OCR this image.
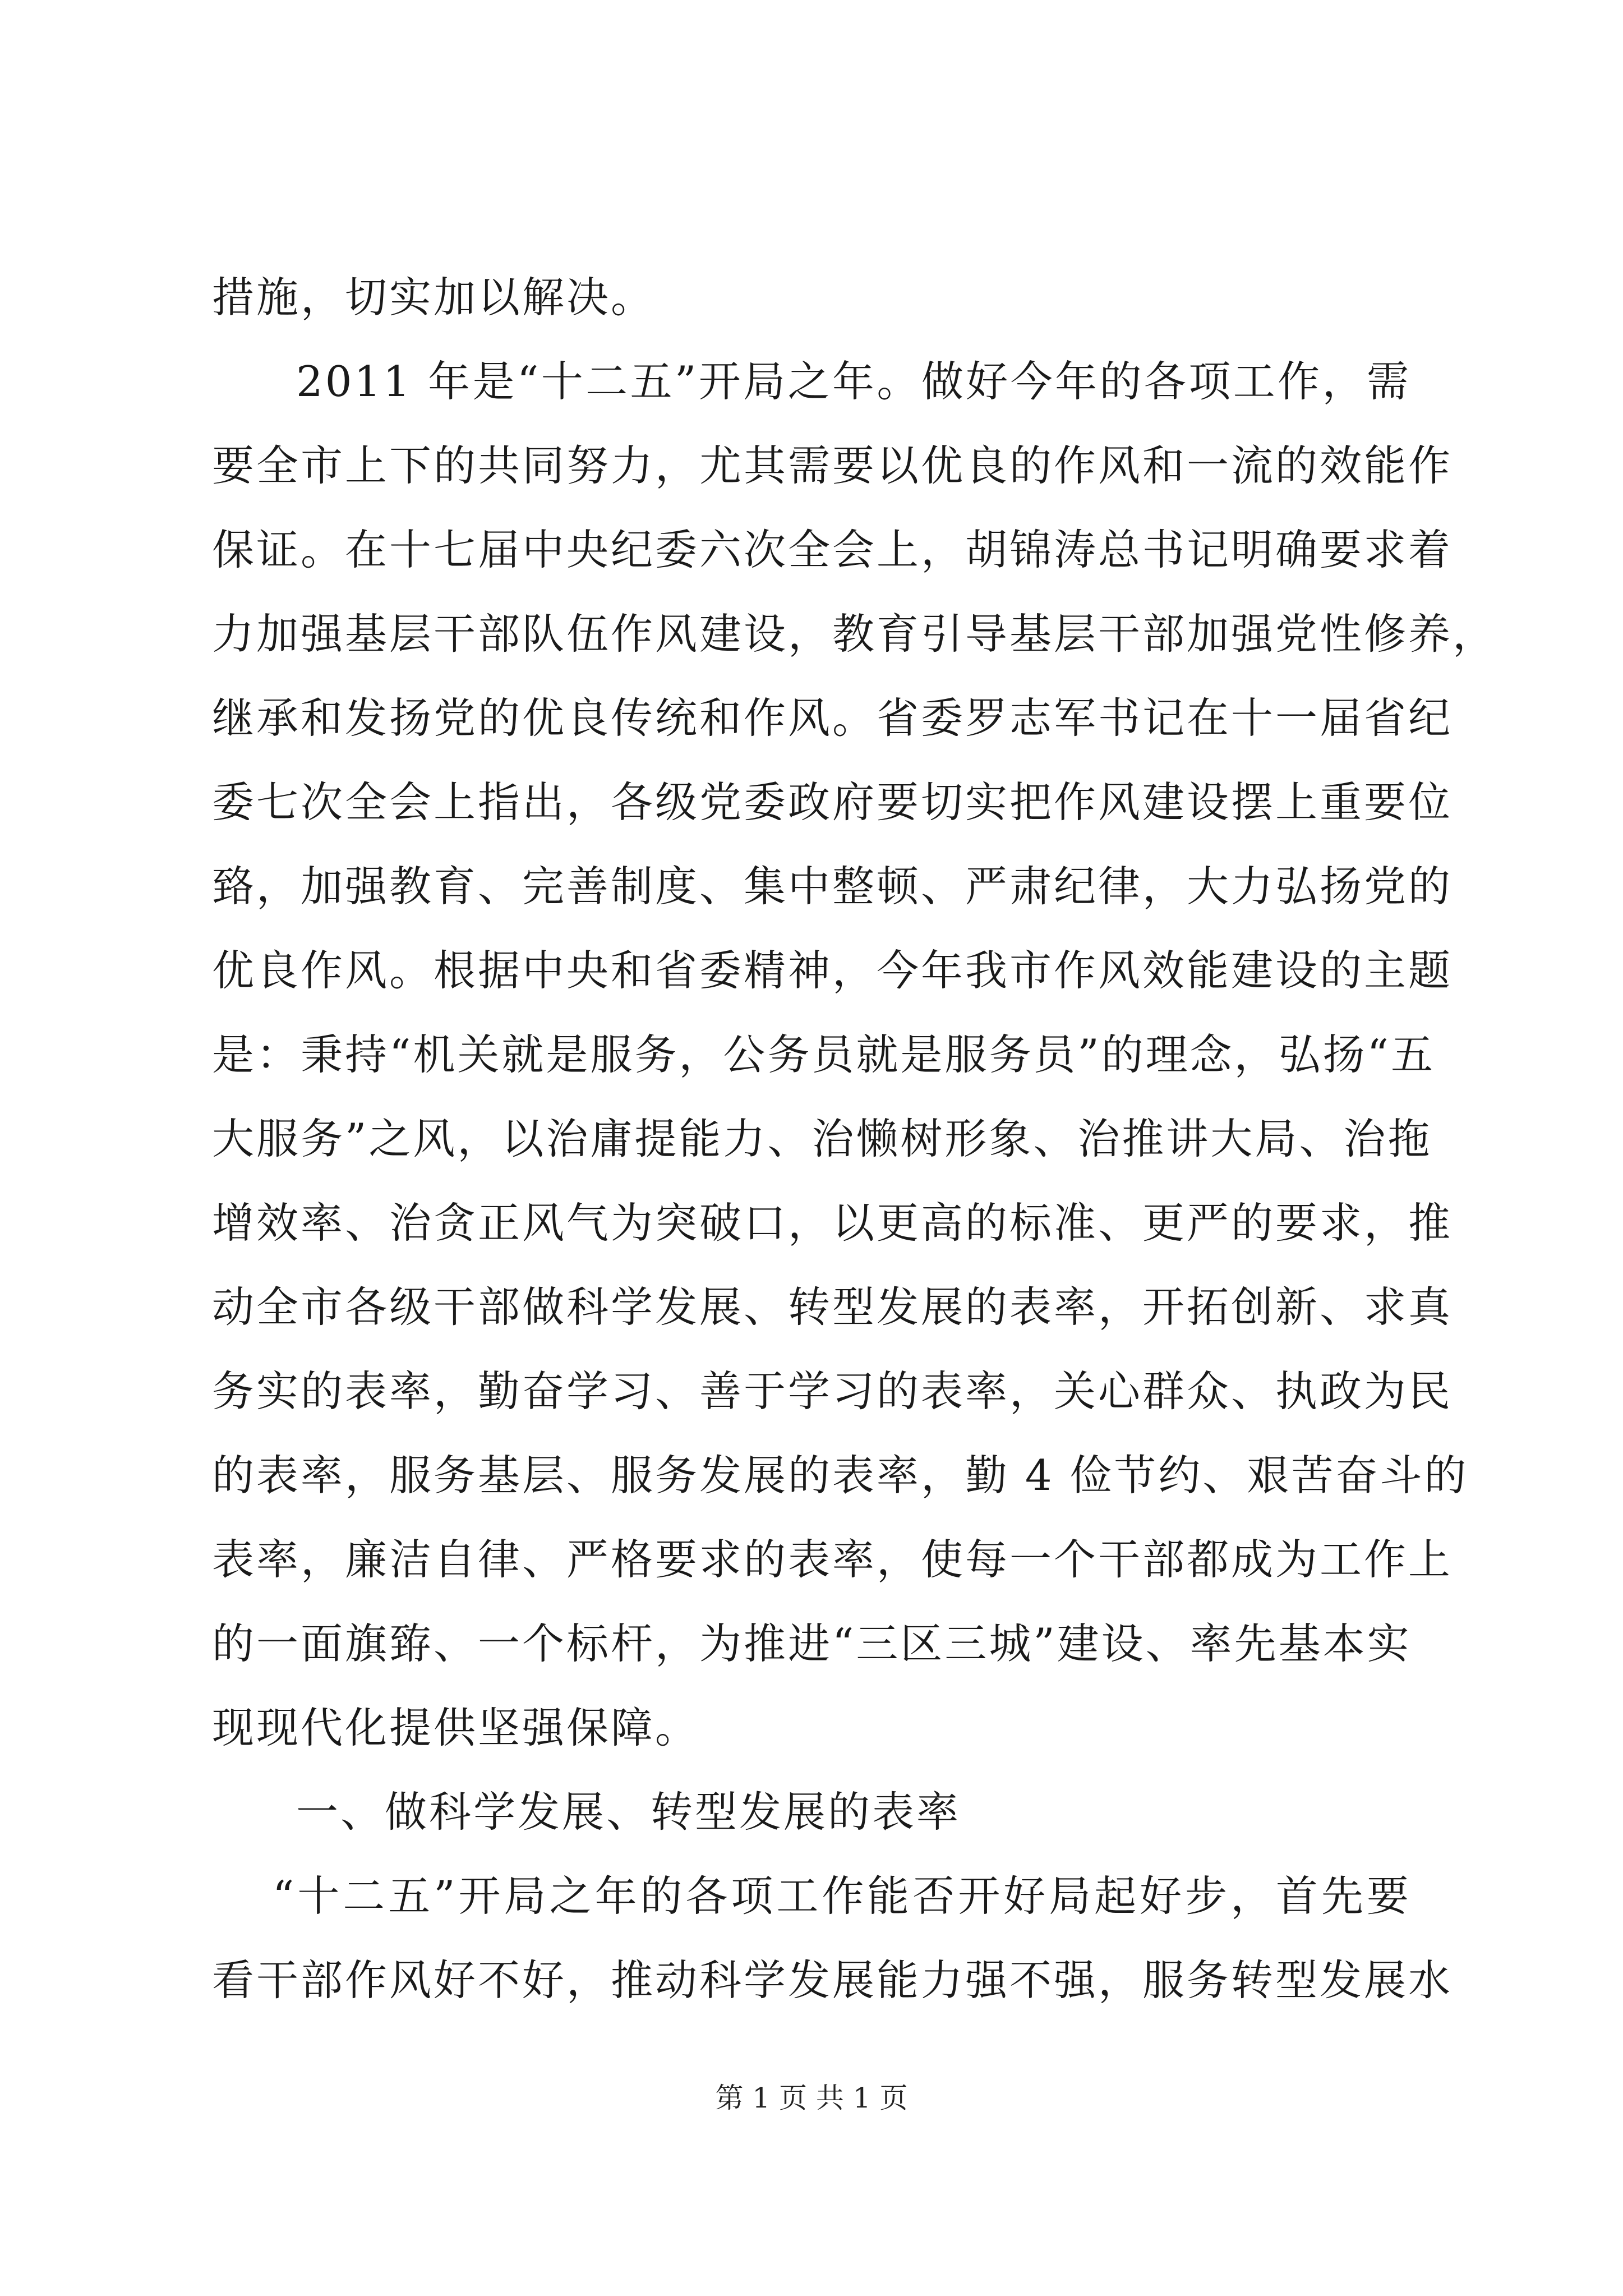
措施，切实加以解决。
2011 年是“十二五”开局之年。做好今年的各项工作，需
要全市上下的共同努力，尤其需要以优良的作风和一流的效能作
保证。在十七届中央纪委六次全会上，胡锦涛总书记明确要求着
力加强基层干部队伍作风建设，教育引导基层干部加强党性修养，
继承和发扬党的优良传统和作风。省委罗志军书记在十一届省纪
委七次全会上指出，各级党委政府要切实把作风建设摆上重要位
臵，加强教育、完善制度、集中整顿、严肃纪律，大力弘扬党的
优良作风。根据中央和省委精神，今年我市作风效能建设的主题
是：秉持“机关就是服务，公务员就是服务员”的理念，弘扬“五
大服务”之风，以治庸提能力、治懒树形象、治推讲大局、治拖
增效率、治贪正风气为突破口，以更高的标准、更严的要求，推
动全市各级干部做科学发展、转型发展的表率，开拓创新、求真
务实的表率，勤奋学习、善于学习的表率，关心群众、执政为民
的表率，服务基层、服务发展的表率，勤 4 俭节约、艰苦奋斗的
表率，廉洁自律、严格要求的表率，使每一个干部都成为工作上
的一面旗臶、一个标杆，为推进“三区三城”建设、率先基本实
现现代化提供坚强保障。
一、做科学发展、转型发展的表率
“十二五”开局之年的各项工作能否开好局起好步，首先要
看干部作风好不好，推动科学发展能力强不强，服务转型发展水
第 1 页 共 1 页
